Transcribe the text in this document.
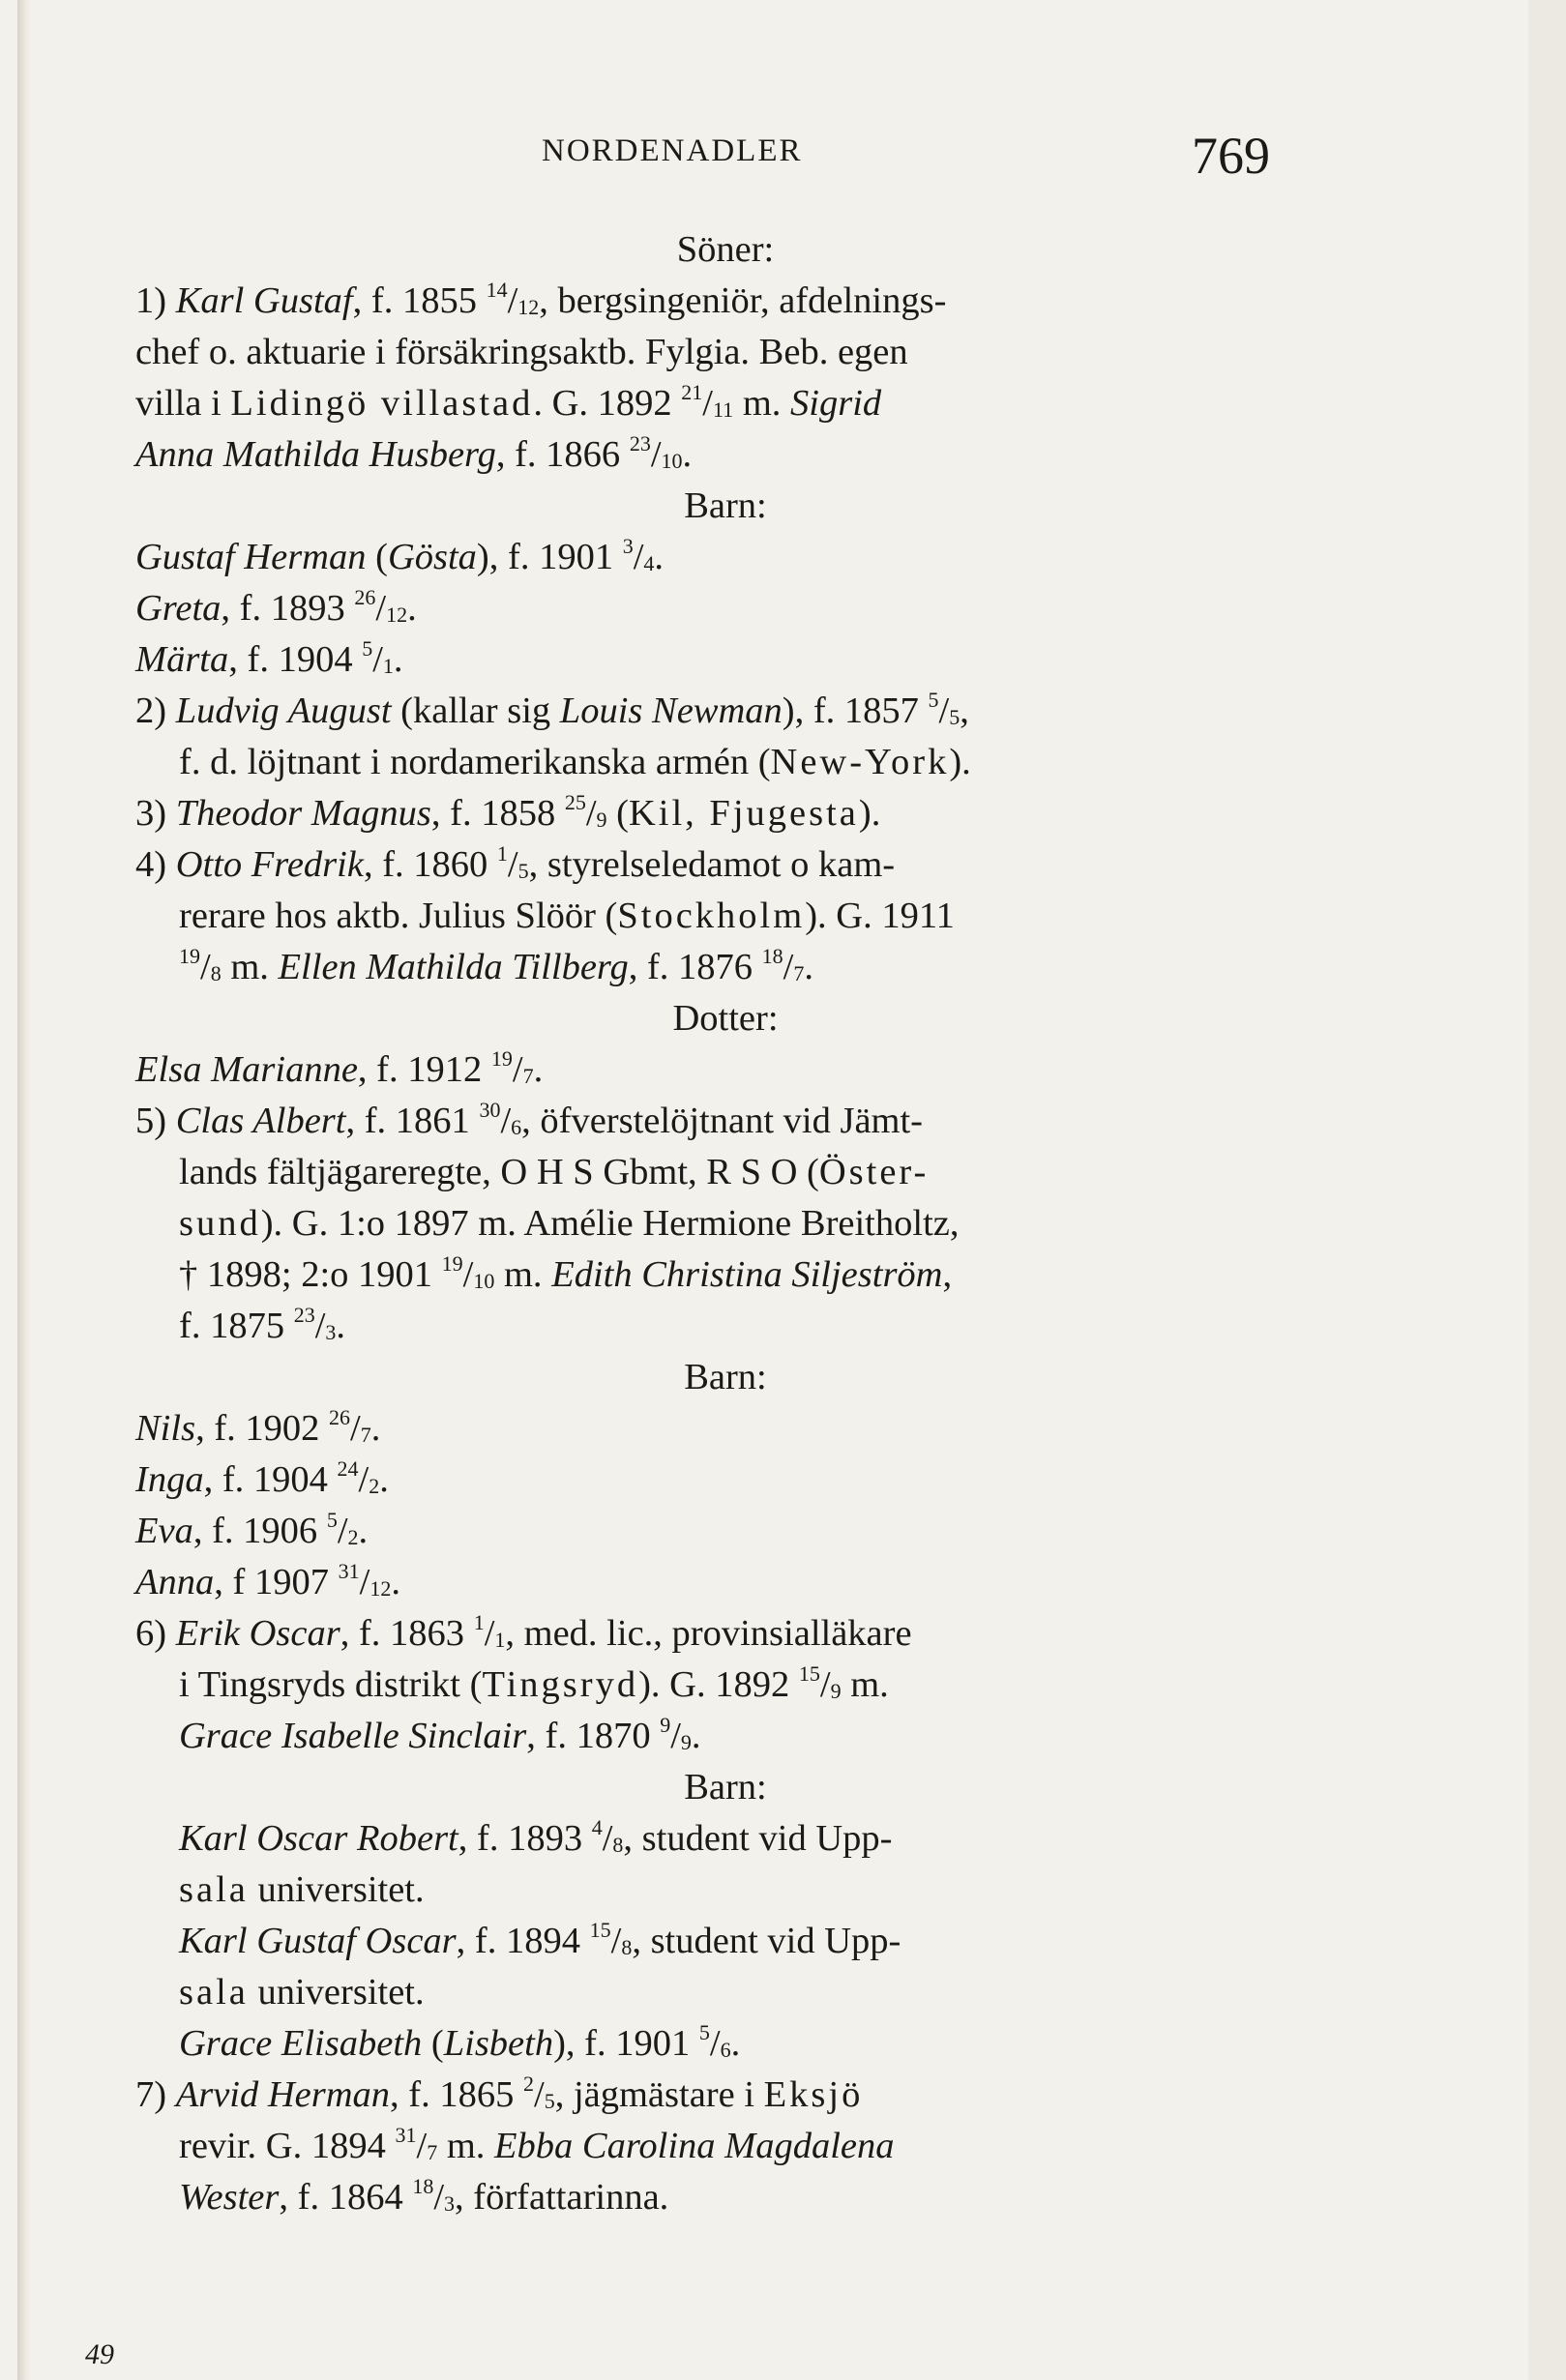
NORDENADLER	769
Söner:
1) Karl Gustaf, f. 1855 $^{14}/_{12}$, bergsingeniör, afdelnings-
chef o. aktuarie i försäkringsaktb. Fylgia. Beb. egen
villa i Lidingö villastad. G. 1892 $^{21}/_{11}$ m. Sigrid
Anna Mathilda Husberg, f. 1866 $^{23}/_{10}$.
Barn:
Gustaf Herman (Gösta), f. 1901 $^3/_4$.
Greta, f. 1893 $^{26}/_{12}$.
Märta, f. 1904 $^5/_1$.
2) Ludvig August (kallar sig Louis Newman), f. 1857 $^5/_5$,
f. d. löjtnant i nordamerikanska armén (New-York).
3) Theodor Magnus, f. 1858 $^{25}/_9$ (Kil, Fjugesta).
4) Otto Fredrik, f. 1860 $^1/_5$, styrelseledamot o kam-
rerare hos aktb. Julius Slöör (Stockholm). G. 1911
$^{19}/_8$ m. Ellen Mathilda Tillberg, f. 1876 $^{18}/_7$.
Dotter:
Elsa Marianne, f. 1912 $^{19}/_7$.
5) Clas Albert, f. 1861 $^{30}/_6$, öfverstelöjtnant vid Jämt-
lands fältjägareregte, O H S Gbmt, R S O (Öster-
sund). G. 1:o 1897 m. Amélie Hermione Breitholtz,
† 1898; 2:o 1901 $^{19}/_{10}$ m. Edith Christina Siljeström,
f. 1875 $^{23}/_3$.
Barn:
Nils, f. 1902 $^{26}/_7$.
Inga, f. 1904 $^{24}/_2$.
Eva, f. 1906 $^5/_2$.
Anna, f 1907 $^{31}/_{12}$.
6) Erik Oscar, f. 1863 $^1/_1$, med. lic., provinsialläkare
i Tingsryds distrikt (Tingsryd). G. 1892 $^{15}/_9$ m.
Grace Isabelle Sinclair, f. 1870 $^9/_9$.
Barn:
Karl Oscar Robert, f. 1893 $^4/_8$, student vid Upp-
sala universitet.
Karl Gustaf Oscar, f. 1894 $^{15}/_8$, student vid Upp-
sala universitet.
Grace Elisabeth (Lisbeth), f. 1901 $^5/_6$.
7) Arvid Herman, f. 1865 $^2/_5$, jägmästare i Eksjö
revir. G. 1894 $^{31}/_7$ m. Ebba Carolina Magdalena
Wester, f. 1864 $^{18}/_3$, författarinna.
49
